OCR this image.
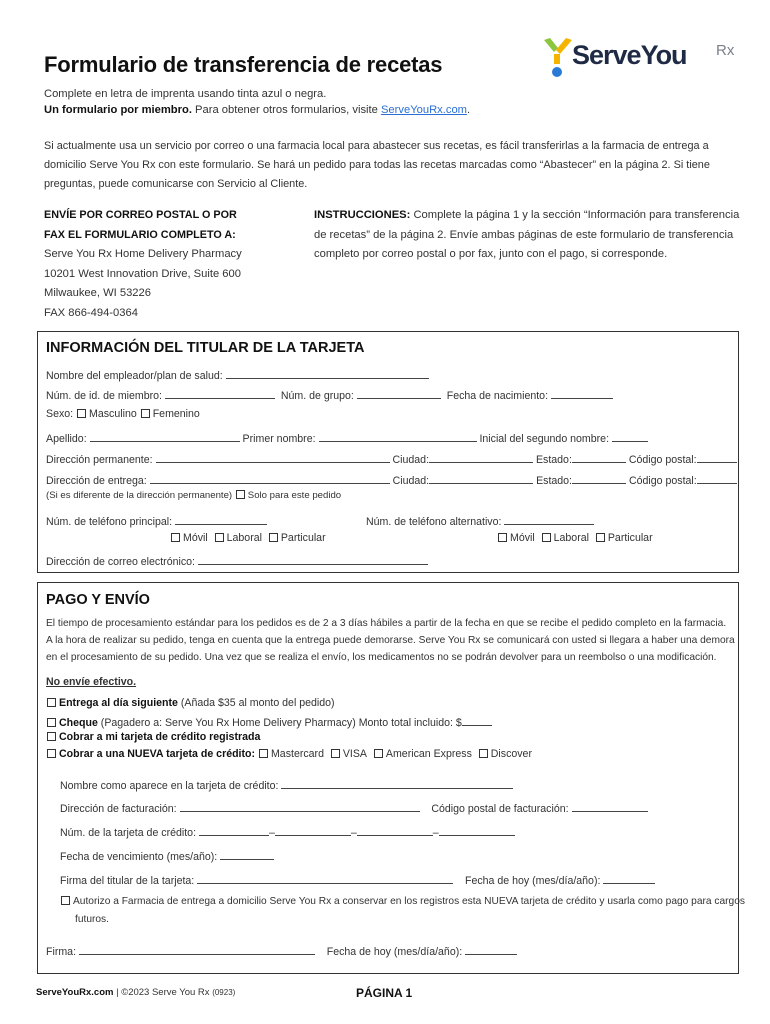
Formulario de transferencia de recetas	ServeYou Rx
Complete en letra de imprenta usando tinta azul o negra.
Un formulario por miembro. Para obtener otros formularios, visite ServeYouRx.com.
Si actualmente usa un servicio por correo o una farmacia local para abastecer sus recetas, es fácil transferirlas a la farmacia de entrega a
domicilio Serve You Rx con este formulario. Se hará un pedido para todas las recetas marcadas como “Abastecer” en la página 2. Si tiene
preguntas, puede comunicarse con Servicio al Cliente.
ENVÍE POR CORREO POSTAL O POR
FAX EL FORMULARIO COMPLETO A:
Serve You Rx Home Delivery Pharmacy
10201 West Innovation Drive, Suite 600
Milwaukee, WI 53226
FAX 866-494-0364
INSTRUCCIONES: Complete la página 1 y la sección “Información para transferencia
de recetas” de la página 2. Envíe ambas páginas de este formulario de transferencia
completo por correo postal o por fax, junto con el pago, si corresponde.
INFORMACIÓN DEL TITULAR DE LA TARJETA
Nombre del empleador/plan de salud:
Núm. de id. de miembro:	Núm. de grupo:	Fecha de nacimiento:
Sexo: Masculino Femenino
Apellido:	Primer nombre:	Inicial del segundo nombre:
Dirección permanente:	Ciudad:	Estado:	Código postal:
Dirección de entrega:	Ciudad:	Estado:	Código postal:
(Si es diferente de la dirección permanente) Solo para este pedido
Núm. de teléfono principal:	Núm. de teléfono alternativo:
Móvil Laboral Particular	Móvil Laboral Particular
Dirección de correo electrónico:
PAGO Y ENVÍO
El tiempo de procesamiento estándar para los pedidos es de 2 a 3 días hábiles a partir de la fecha en que se recibe el pedido completo en la farmacia.
A la hora de realizar su pedido, tenga en cuenta que la entrega puede demorarse. Serve You Rx se comunicará con usted si llegara a haber una demora
en el procesamiento de su pedido. Una vez que se realiza el envío, los medicamentos no se podrán devolver para un reembolso o una modificación.
No envíe efectivo.
Entrega al día siguiente (Añada $35 al monto del pedido)
Cheque (Pagadero a: Serve You Rx Home Delivery Pharmacy) Monto total incluido: $
Cobrar a mi tarjeta de crédito registrada
Cobrar a una NUEVA tarjeta de crédito: Mastercard VISA American Express Discover
Nombre como aparece en la tarjeta de crédito:
Dirección de facturación:	Código postal de facturación:
Núm. de la tarjeta de crédito:	–	–	–
Fecha de vencimiento (mes/año):
Firma del titular de la tarjeta:	Fecha de hoy (mes/día/año):
Autorizo a Farmacia de entrega a domicilio Serve You Rx a conservar en los registros esta NUEVA tarjeta de crédito y usarla como pago para cargos
futuros.
Firma:	Fecha de hoy (mes/día/año):
ServeYouRx.com | ©2023 Serve You Rx (0923)	PÁGINA 1
